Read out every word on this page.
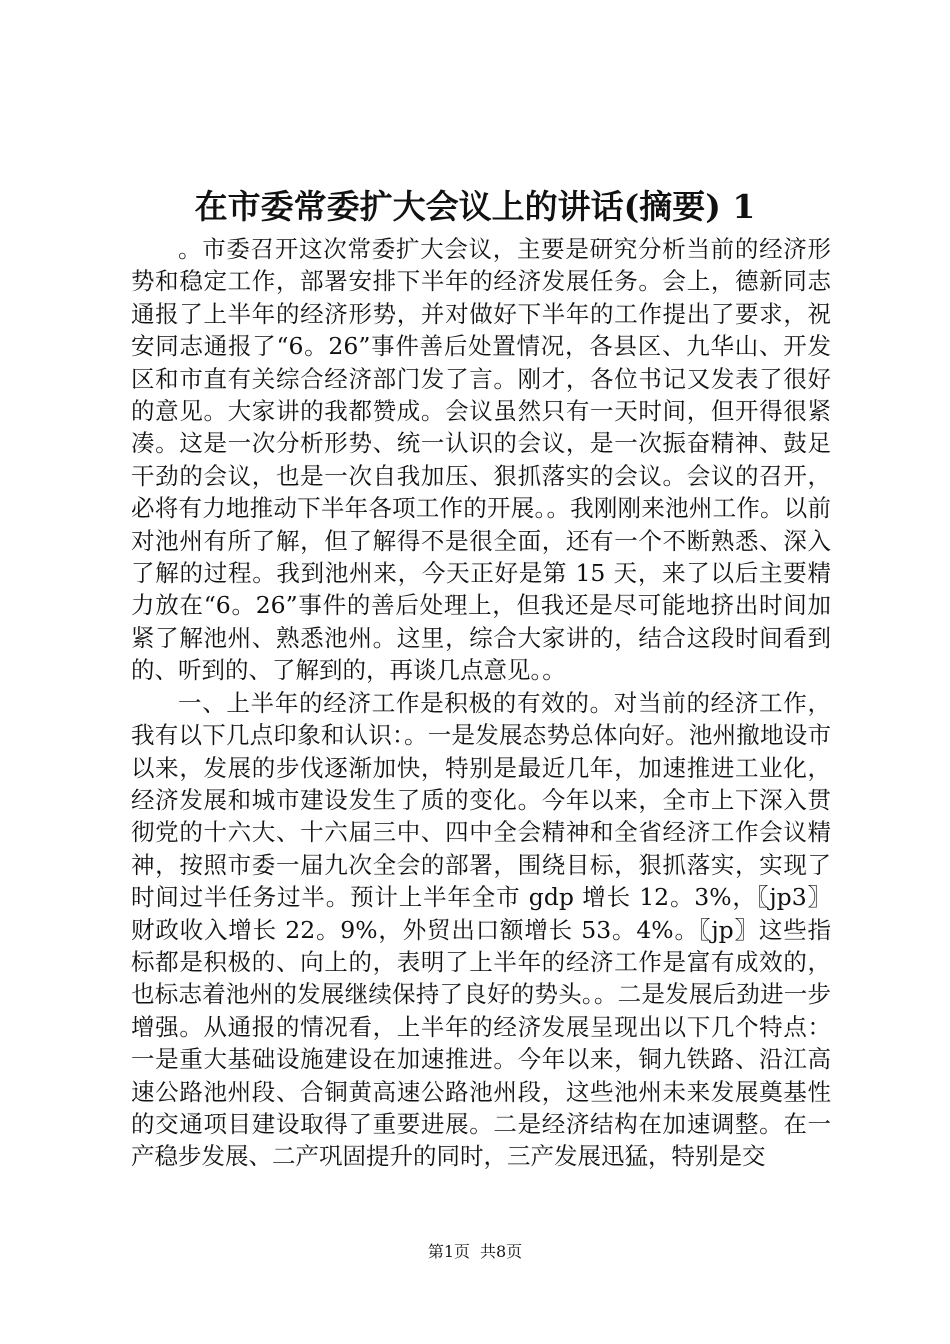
在市委常委扩大会议上的讲话(摘要) 1

。市委召开这次常委扩大会议，主要是研究分析当前的经济形势和稳定工作，部署安排下半年的经济发展任务。会上，德新同志通报了上半年的经济形势，并对做好下半年的工作提出了要求，祝安同志通报了“6。26”事件善后处置情况，各县区、九华山、开发区和市直有关综合经济部门发了言。刚才，各位书记又发表了很好的意见。大家讲的我都赞成。会议虽然只有一天时间，但开得很紧凑。这是一次分析形势、统一认识的会议，是一次振奋精神、鼓足干劲的会议，也是一次自我加压、狠抓落实的会议。会议的召开，必将有力地推动下半年各项工作的开展。。我刚刚来池州工作。以前对池州有所了解，但了解得不是很全面，还有一个不断熟悉、深入了解的过程。我到池州来，今天正好是第 15 天，来了以后主要精力放在“6。26”事件的善后处理上，但我还是尽可能地挤出时间加紧了解池州、熟悉池州。这里，综合大家讲的，结合这段时间看到的、听到的、了解到的，再谈几点意见。。

一、上半年的经济工作是积极的有效的。对当前的经济工作，我有以下几点印象和认识：。一是发展态势总体向好。池州撤地设市以来，发展的步伐逐渐加快，特别是最近几年，加速推进工业化，经济发展和城市建设发生了质的变化。今年以来，全市上下深入贯彻党的十六大、十六届三中、四中全会精神和全省经济工作会议精神，按照市委一届九次全会的部署，围绕目标，狠抓落实，实现了时间过半任务过半。预计上半年全市 gdp 增长 12。3%，〖jp3〗财政收入增长 22。9%，外贸出口额增长 53。4%。〖jp〗这些指标都是积极的、向上的，表明了上半年的经济工作是富有成效的，也标志着池州的发展继续保持了良好的势头。。二是发展后劲进一步增强。从通报的情况看，上半年的经济发展呈现出以下几个特点：一是重大基础设施建设在加速推进。今年以来，铜九铁路、沿江高速公路池州段、合铜黄高速公路池州段，这些池州未来发展奠基性的交通项目建设取得了重要进展。二是经济结构在加速调整。在一产稳步发展、二产巩固提升的同时，三产发展迅猛，特别是交

第1页 共8页
